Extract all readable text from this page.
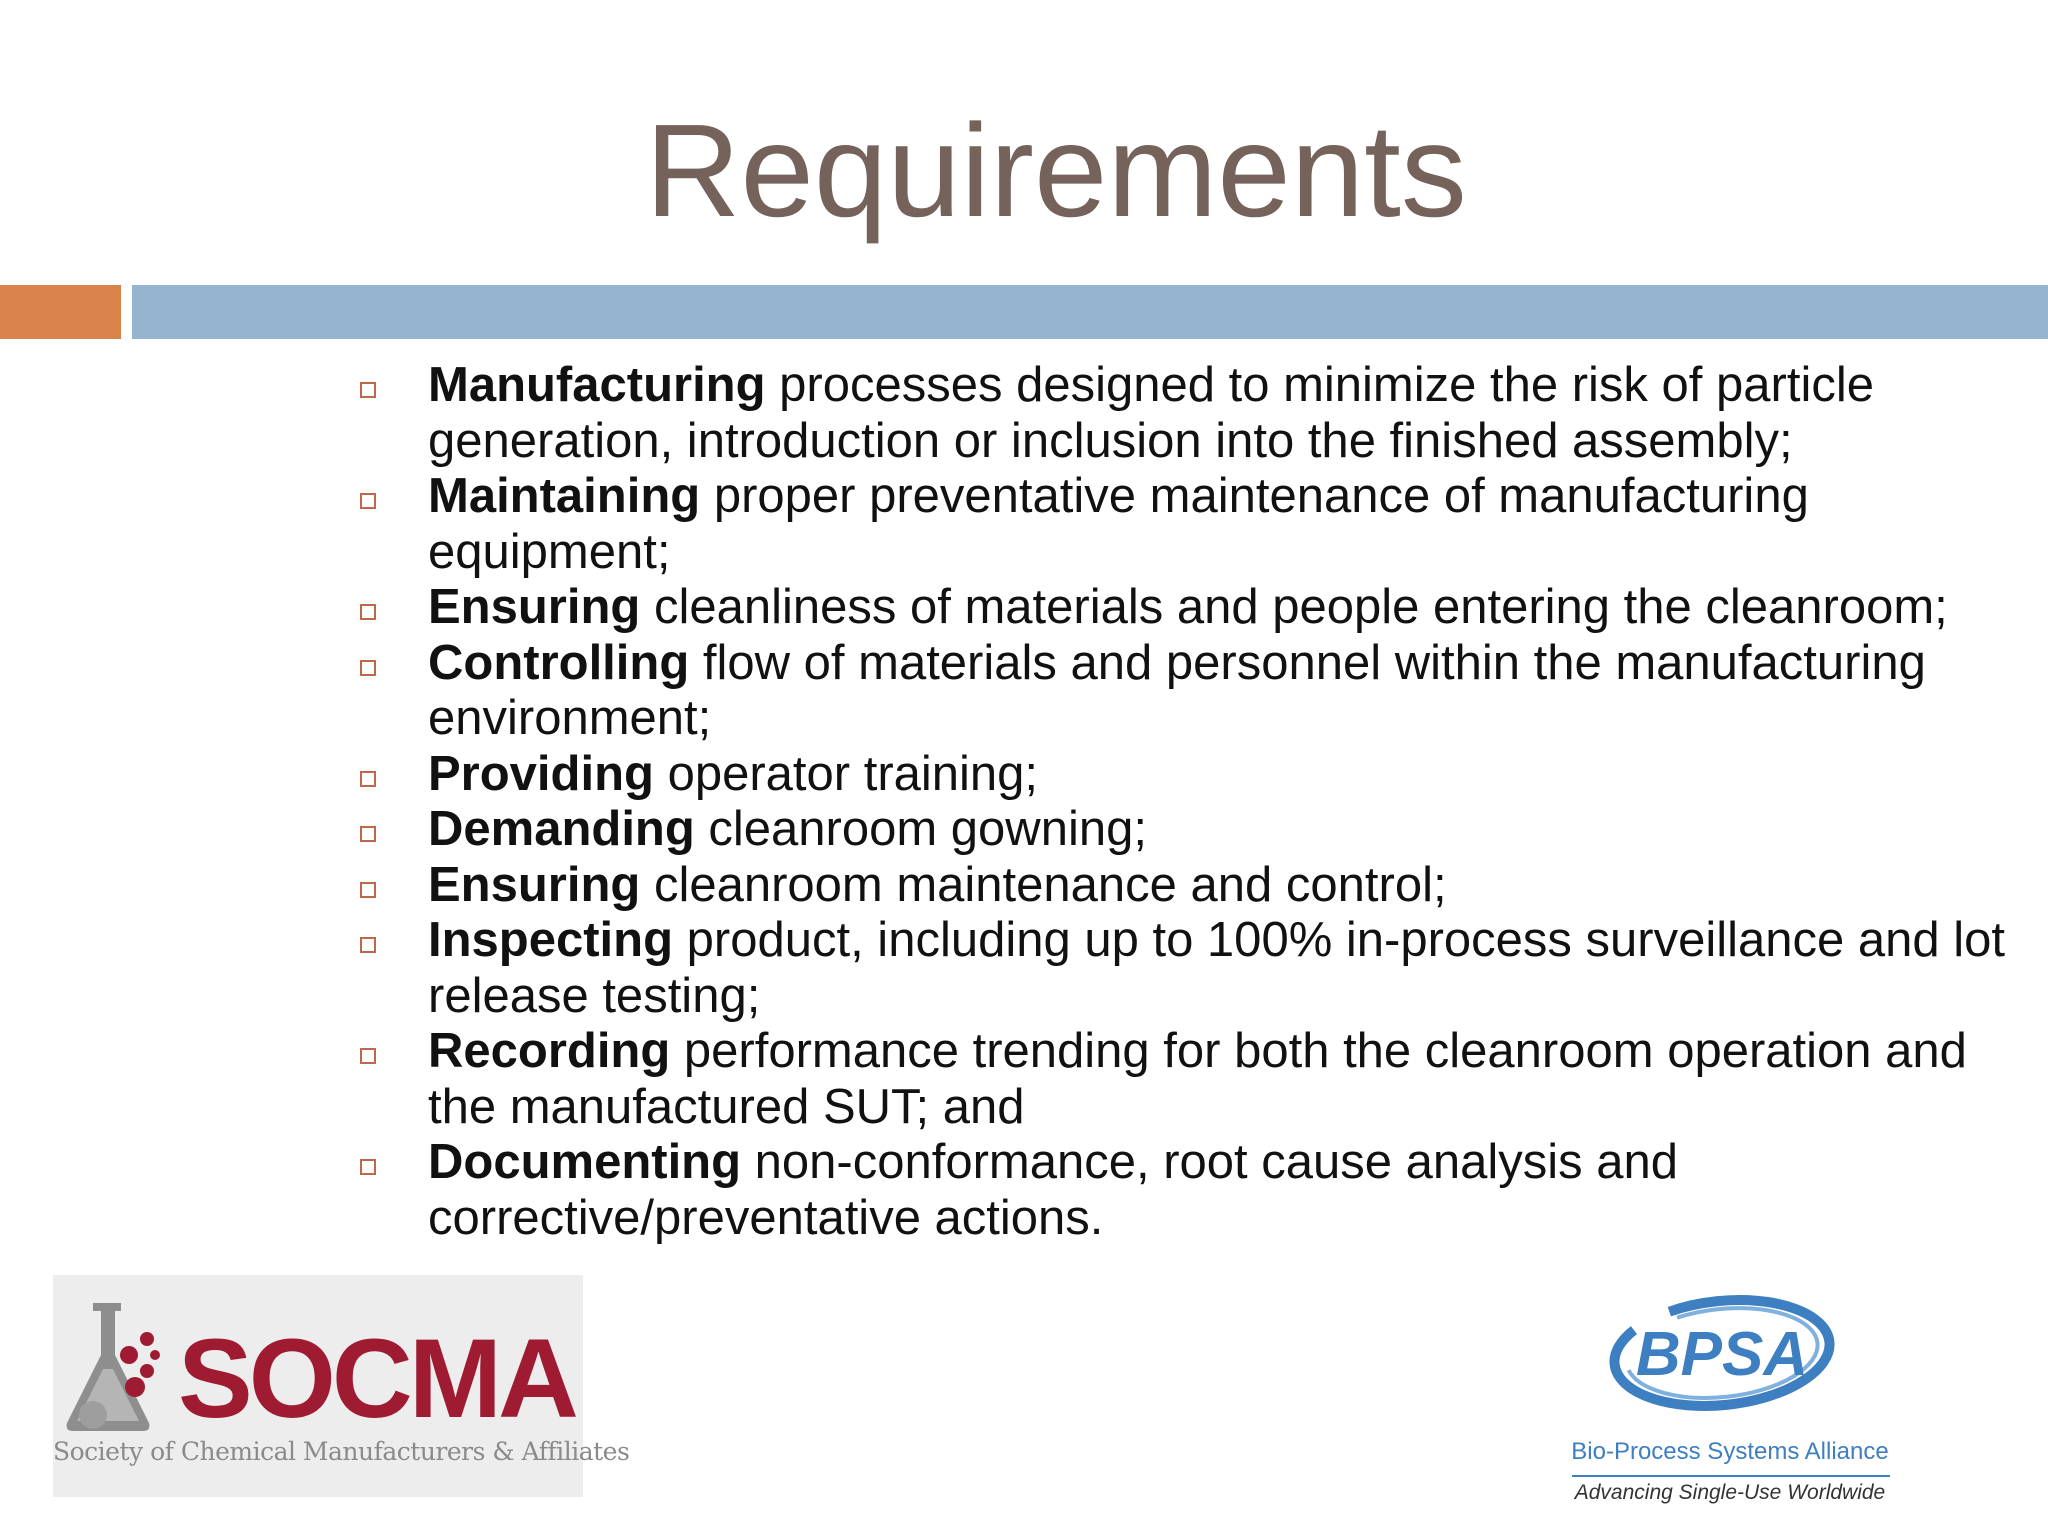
Requirements
Manufacturing processes designed to minimize the risk of particle generation, introduction or inclusion into the finished assembly;
Maintaining proper preventative maintenance of manufacturing equipment;
Ensuring cleanliness of materials and people entering the cleanroom;
Controlling flow of materials and personnel within the manufacturing environment;
Providing operator training;
Demanding cleanroom gowning;
Ensuring cleanroom maintenance and control;
Inspecting product, including up to 100% in-process surveillance and lot release testing;
Recording performance trending for both the cleanroom operation and the manufactured SUT; and
Documenting non-conformance, root cause analysis and corrective/preventative actions.
SOCMA
Society of Chemical Manufacturers & Affiliates
BPSA
Bio-Process Systems Alliance
Advancing Single-Use Worldwide
